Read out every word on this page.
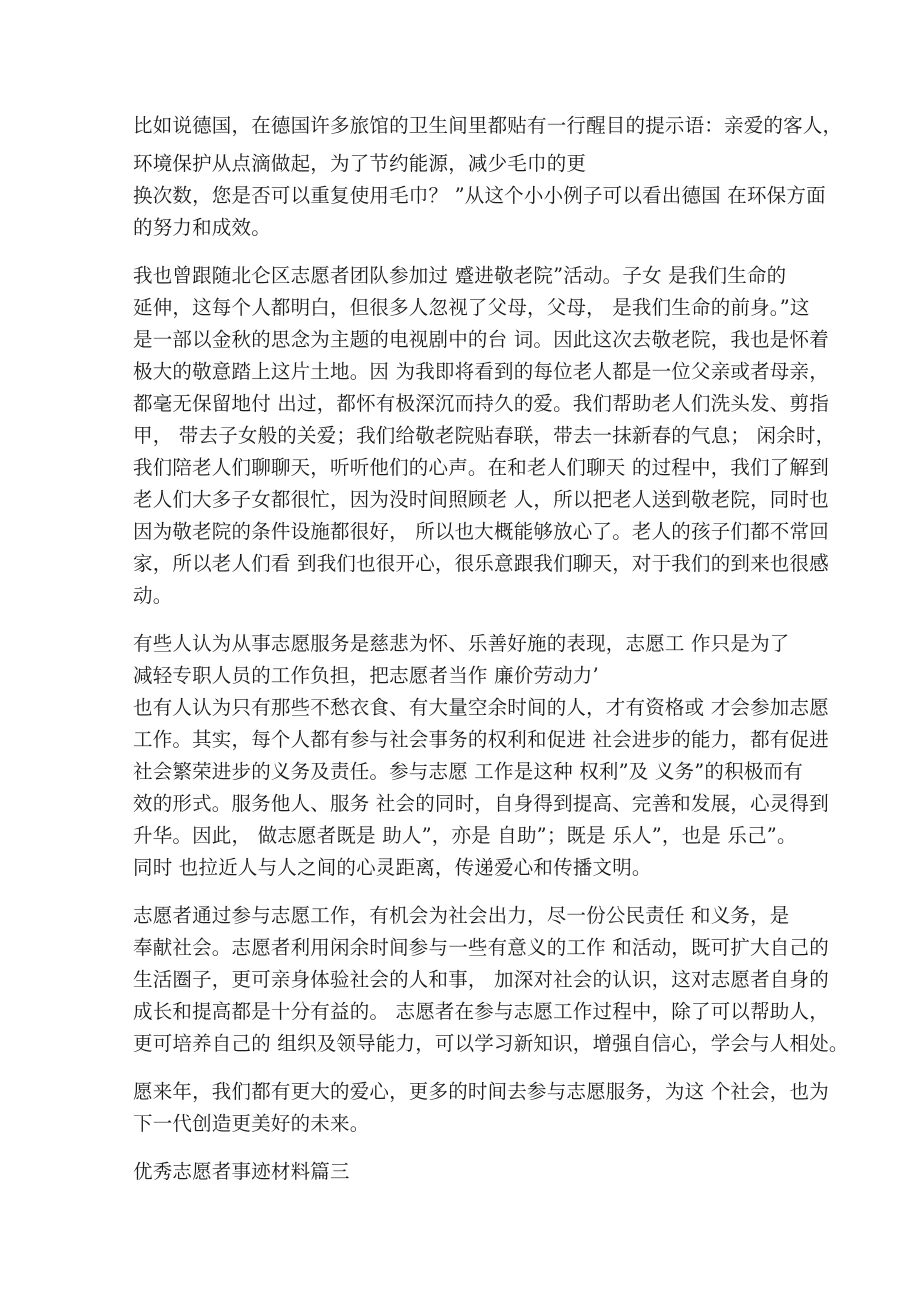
比如说德国，在德国许多旅馆的卫生间里都贴有一行醒目的提示语：亲爱的客人，
环境保护从点滴做起，为了节约能源，减少毛巾的更
换次数，您是否可以重复使用毛巾？ ”从这个小小例子可以看出德国 在环保方面
的努力和成效。
我也曾跟随北仑区志愿者团队参加过 蹙进敬老院”活动。子女 是我们生命的
延伸，这每个人都明白，但很多人忽视了父母，父母， 是我们生命的前身。”这
是一部以金秋的思念为主题的电视剧中的台 词。因此这次去敬老院，我也是怀着
极大的敬意踏上这片土地。因 为我即将看到的每位老人都是一位父亲或者母亲，
都毫无保留地付 出过，都怀有极深沉而持久的爱。我们帮助老人们洗头发、剪指
甲， 带去子女般的关爱；我们给敬老院贴春联，带去一抹新春的气息； 闲余时，
我们陪老人们聊聊天，听听他们的心声。在和老人们聊天 的过程中，我们了解到
老人们大多子女都很忙，因为没时间照顾老 人，所以把老人送到敬老院，同时也
因为敬老院的条件设施都很好， 所以也大概能够放心了。老人的孩子们都不常回
家，所以老人们看 到我们也很开心，很乐意跟我们聊天，对于我们的到来也很感
动。
有些人认为从事志愿服务是慈悲为怀、乐善好施的表现，志愿工 作只是为了
减轻专职人员的工作负担，把志愿者当作 廉价劳动力’
也有人认为只有那些不愁衣食、有大量空余时间的人，才有资格或 才会参加志愿
工作。其实，每个人都有参与社会事务的权利和促进 社会进步的能力，都有促进
社会繁荣进步的义务及责任。参与志愿 工作是这种 权利”及 义务”的积极而有
效的形式。服务他人、服务 社会的同时，自身得到提高、完善和发展，心灵得到
升华。因此， 做志愿者既是 助人”，亦是 自助”；既是 乐人”，也是 乐己”。
同时 也拉近人与人之间的心灵距离，传递爱心和传播文明。
志愿者通过参与志愿工作，有机会为社会出力，尽一份公民责任 和义务，是
奉献社会。志愿者利用闲余时间参与一些有意义的工作 和活动，既可扩大自己的
生活圈子，更可亲身体验社会的人和事， 加深对社会的认识，这对志愿者自身的
成长和提高都是十分有益的。 志愿者在参与志愿工作过程中，除了可以帮助人，
更可培养自己的 组织及领导能力，可以学习新知识，增强自信心，学会与人相处。
愿来年，我们都有更大的爱心，更多的时间去参与志愿服务，为这 个社会，也为
下一代创造更美好的未来。
优秀志愿者事迹材料篇三
